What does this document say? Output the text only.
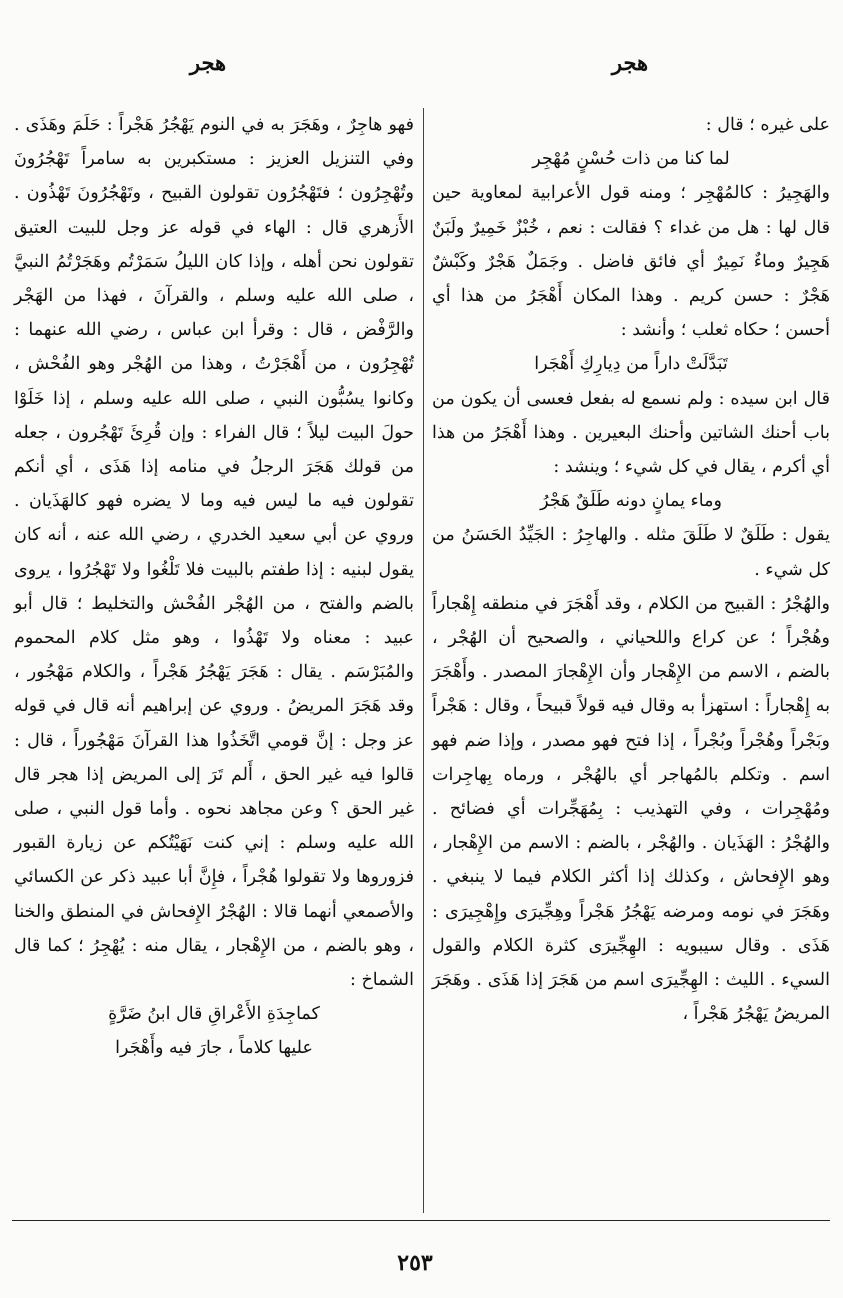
هجر
هجر

على غيره ؛ قال :

لما كنا من ذات حُسْنٍ مُهْجِر

والهَجِيرُ : كالمُهْجِر ؛ ومنه قول الأعرابية لمعاوية حين قال لها : هل من غداء ؟ فقالت : نعم ، خُبْزٌ خَمِيرٌ ولَبَنٌ هَجِيرٌ وماءٌ نَمِيرٌ أي فائق فاضل . وجَمَلٌ هَجْرٌ وكَبْشٌ هَجْرٌ : حسن كريم . وهذا المكان أَهْجَرُ من هذا أي أحسن ؛ حكاه ثعلب ؛ وأنشد :

تَبَدَّلَتْ داراً من دِيارِكِ أَهْجَرا

قال ابن سيده : ولم نسمع له بفعل فعسى أن يكون من باب أحنك الشاتين وأحنك البعيرين . وهذا أَهْجَرُ من هذا أي أكرم ، يقال في كل شيء ؛ وينشد :

وماء يمانٍ دونه طَلَقٌ هَجْرُ

يقول : طَلَقٌ لا طَلَقَ مثله . والهاجِرُ : الجَيِّدُ الحَسَنُ من كل شيء .

والهُجْرُ : القبيح من الكلام ، وقد أَهْجَرَ في منطقه إِهْجاراً وهُجْراً ؛ عن كراع واللحياني ، والصحيح أن الهُجْر ، بالضم ، الاسم من الإِهْجار وأن الإِهْجارَ المصدر . وأَهْجَرَ به إِهْجاراً : استهزأ به وقال فيه قولاً قبيحاً ، وقال : هَجْراً وبَجْراً وهُجْراً وبُجْراً ، إذا فتح فهو مصدر ، وإذا ضم فهو اسم . وتكلم بالمُهاجر أي بالهُجْر ، ورماه بِهاجِرات ومُهْجِرات ، وفي التهذيب : بِمُهَجِّرات أي فضائح . والهُجْرُ : الهَذَيان . والهُجْر ، بالضم : الاسم من الإِهْجار ، وهو الإِفحاش ، وكذلك إذا أكثر الكلام فيما لا ينبغي . وهَجَرَ في نومه ومرضه يَهْجُرُ هَجْراً وهِجِّيرَى وإِهْجِيرَى : هَذَى . وقال سيبويه : الهِجِّيرَى كثرة الكلام والقول السيء . الليث : الهِجِّيرَى اسم من هَجَرَ إذا هَذَى . وهَجَرَ المريضُ يَهْجُرُ هَجْراً ،

فهو هاجِرٌ ، وهَجَرَ به في النوم يَهْجُرُ هَجْراً : حَلَمَ وهَذَى . وفي التنزيل العزيز : مستكبرين به سامراً تَهْجُرُونَ وتُهْجِرُون ؛ فتَهْجُرُون تقولون القبيح ، وتَهْجُرُونَ تَهْذُون . الأَزهري قال : الهاء في قوله عز وجل للبيت العتيق تقولون نحن أهله ، وإذا كان الليلُ سَمَرْتُم وهَجَرْتُمُ النبيَّ ، صلى الله عليه وسلم ، والقرآنَ ، فهذا من الهَجْر والرَّفْض ، قال : وقرأ ابن عباس ، رضي الله عنهما : تُهْجِرُون ، من أَهْجَرْتُ ، وهذا من الهُجْر وهو الفُحْش ، وكانوا يسُبُّون النبي ، صلى الله عليه وسلم ، إذا خَلَوْا حولَ البيت ليلاً ؛ قال الفراء : وإن قُرِئَ تَهْجُرون ، جعله من قولك هَجَرَ الرجلُ في منامه إذا هَذَى ، أي أنكم تقولون فيه ما ليس فيه وما لا يضره فهو كالهَذَيان . وروي عن أبي سعيد الخدري ، رضي الله عنه ، أنه كان يقول لبنيه : إذا طفتم بالبيت فلا تَلْغُوا ولا تَهْجُرُوا ، يروى بالضم والفتح ، من الهُجْر الفُحْش والتخليط ؛ قال أبو عبيد : معناه ولا تَهْذُوا ، وهو مثل كلام المحموم والمُبَرْسَم . يقال : هَجَرَ يَهْجُرُ هَجْراً ، والكلام مَهْجُور ، وقد هَجَرَ المريضُ . وروي عن إبراهيم أنه قال في قوله عز وجل : إنَّ قومي اتَّخَذُوا هذا القرآنَ مَهْجُوراً ، قال : قالوا فيه غير الحق ، أَلم تَرَ إلى المريض إذا هجر قال غير الحق ؟ وعن مجاهد نحوه . وأما قول النبي ، صلى الله عليه وسلم : إني كنت نَهَيْتُكم عن زيارة القبور فزوروها ولا تقولوا هُجْراً ، فإِنَّ أبا عبيد ذكر عن الكسائي والأصمعي أنهما قالا : الهُجْرُ الإِفحاش في المنطق والخنا ، وهو بالضم ، من الإِهْجار ، يقال منه : يُهْجِرُ ؛ كما قال الشماخ :

كماجِدَةِ الأَعْراقِ قال ابنُ ضَرَّةٍ

عليها كلاماً ، جارَ فيه وأَهْجَرا

٢٥٣
